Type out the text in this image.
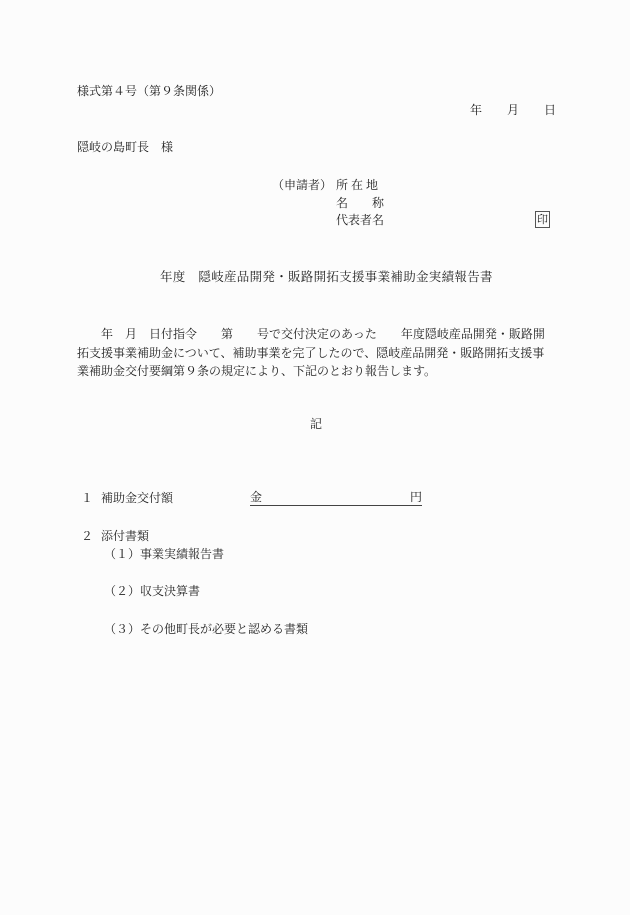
様式第４号（第９条関係）
年 月 日
隠岐の島町長　様
（申請者） 所在地
名 称
代表者名	印
年度　隠岐産品開発・販路開拓支援事業補助金実績報告書

年　月　日付指令　　第　　号で交付決定のあった　　年度隠岐産品開発・販路開

拓支援事業補助金について、補助事業を完了したので、隠岐産品開発・販路開拓支援事

業補助金交付要綱第９条の規定により、下記のとおり報告します。

記
１ 補助金交付額	金	円
２ 添付書類
（１）事業実績報告書
（２）収支決算書
（３）その他町長が必要と認める書類
